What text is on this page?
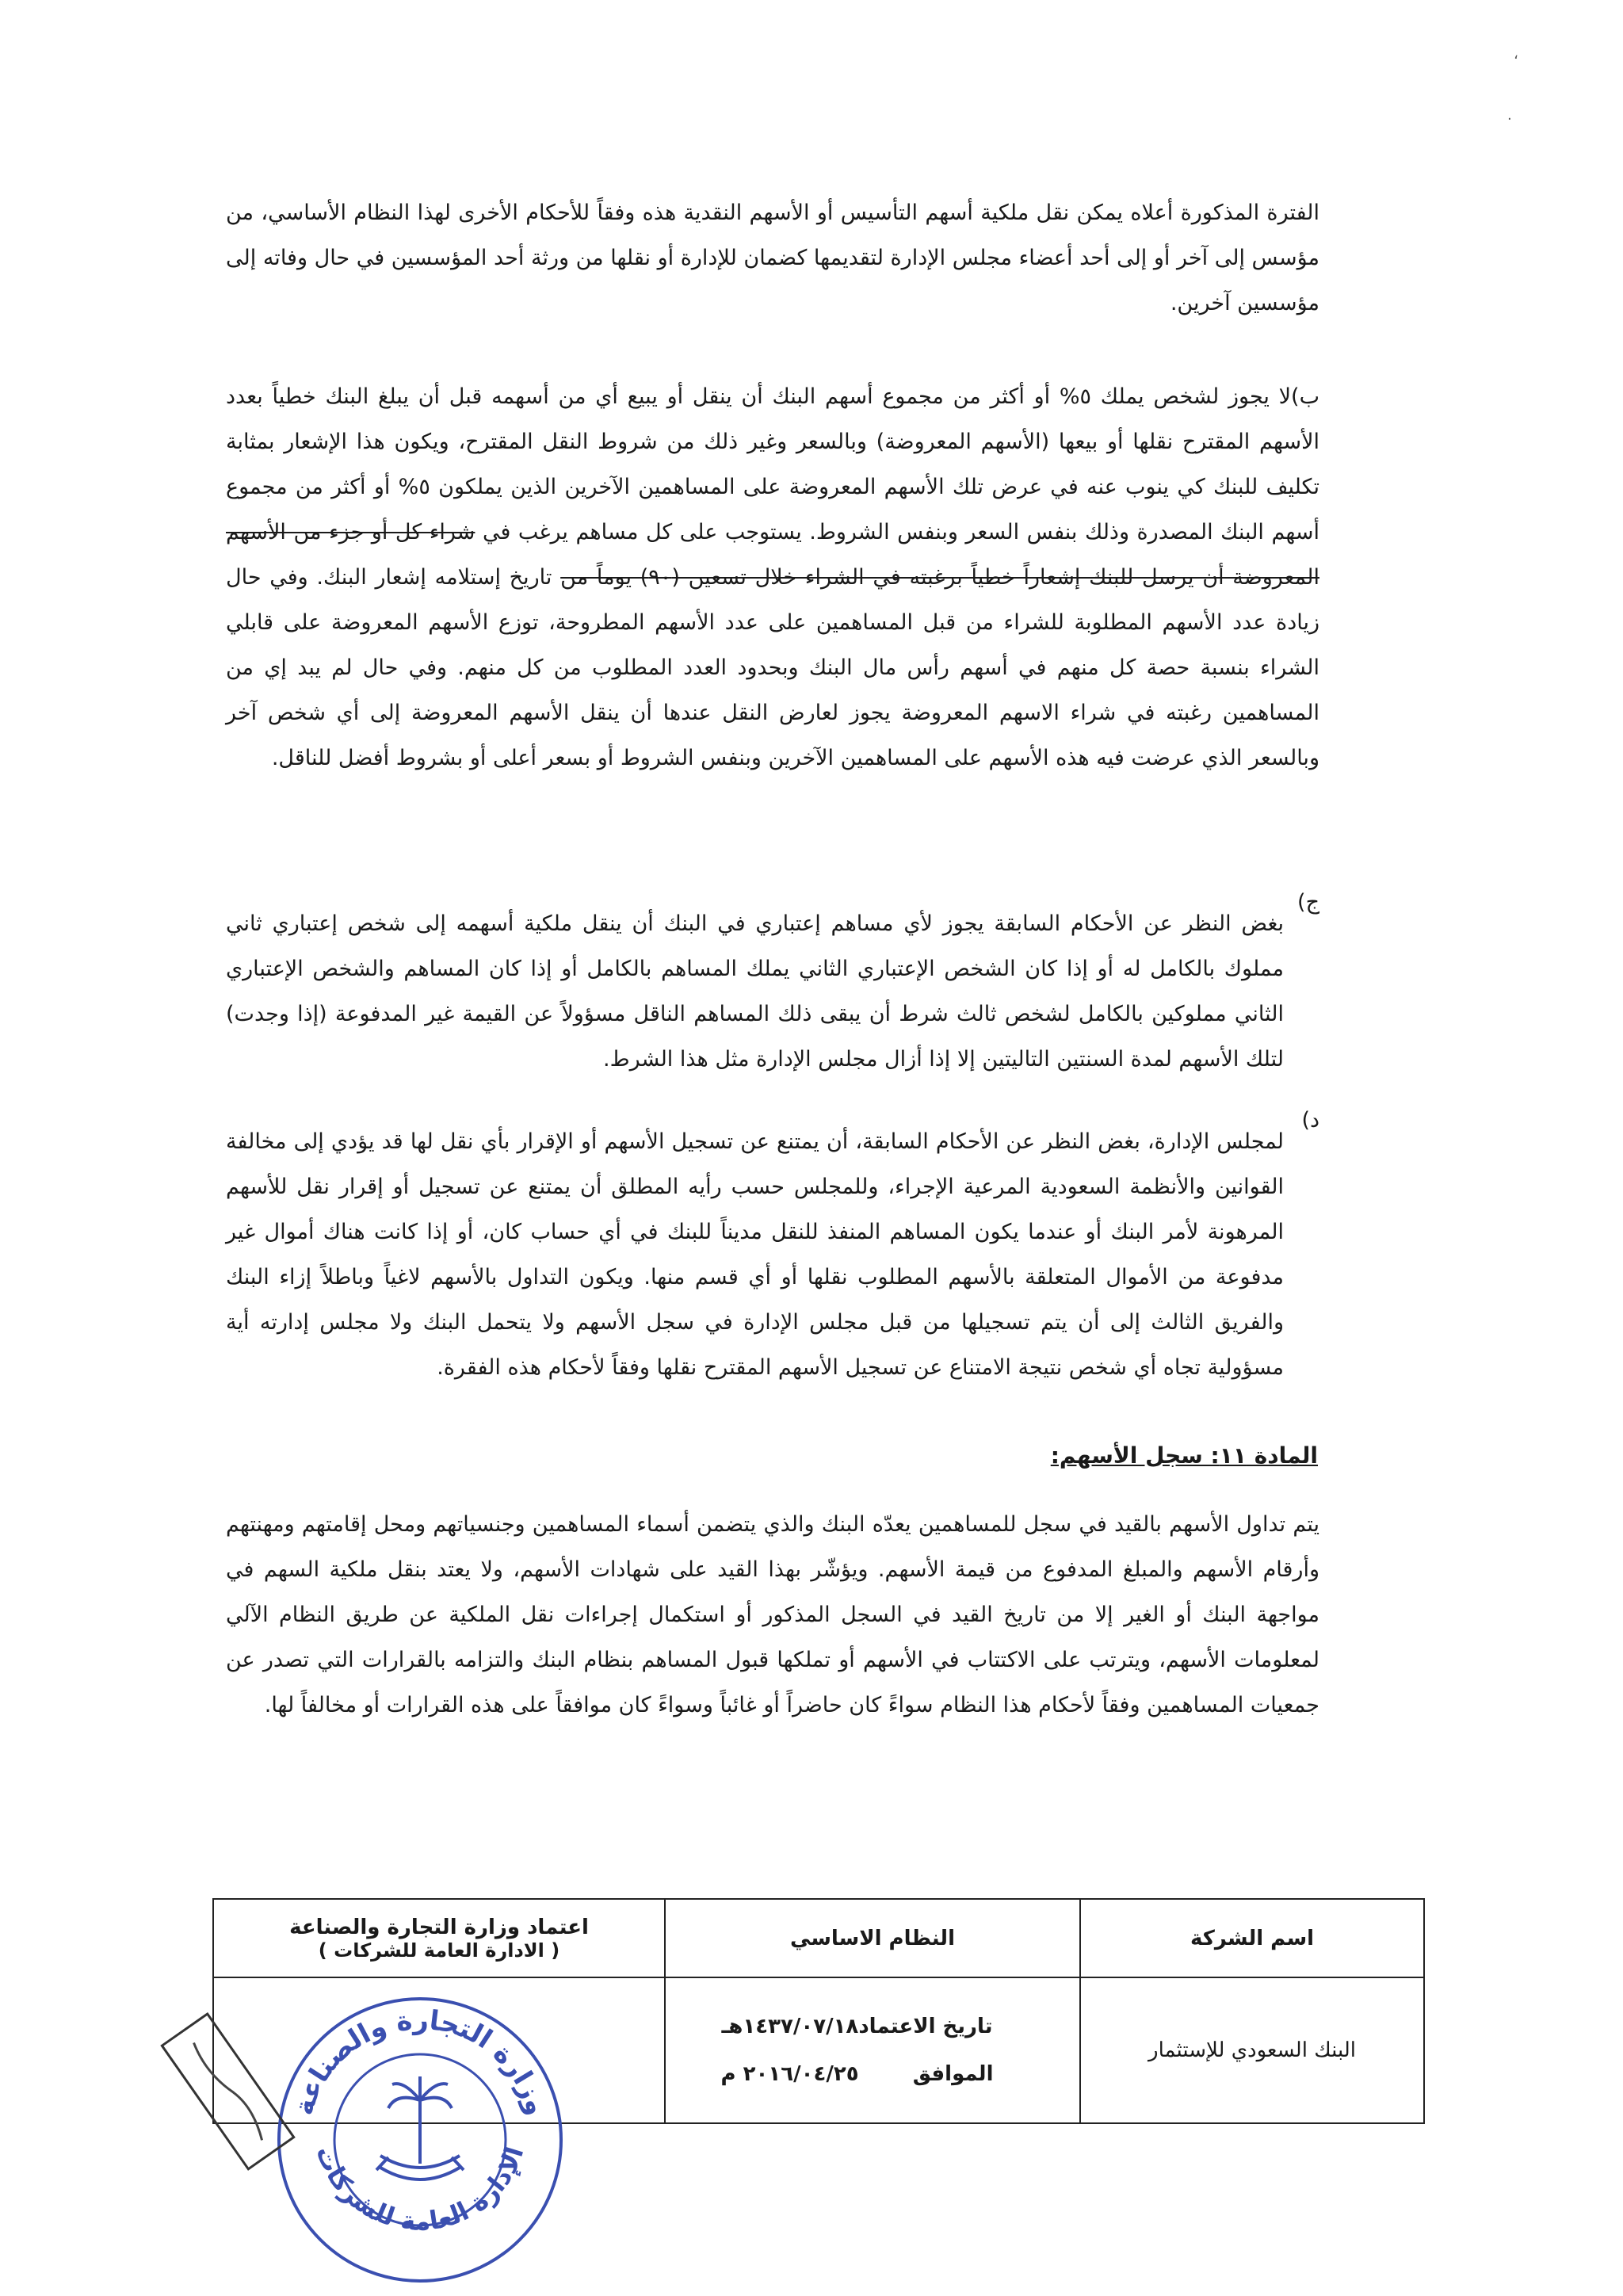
،
·

الفترة المذكورة أعلاه يمكن نقل ملكية أسهم التأسيس أو الأسهم النقدية هذه وفقاً للأحكام الأخرى لهذا النظام الأساسي، من مؤسس إلى آخر أو إلى أحد أعضاء مجلس الإدارة لتقديمها كضمان للإدارة أو نقلها من ورثة أحد المؤسسين في حال وفاته إلى مؤسسين آخرين.

ب)لا يجوز لشخص يملك ٥% أو أكثر من مجموع أسهم البنك أن ينقل أو يبيع أي من أسهمه قبل أن يبلغ البنك خطياً بعدد الأسهم المقترح نقلها أو بيعها (الأسهم المعروضة) وبالسعر وغير ذلك من شروط النقل المقترح، ويكون هذا الإشعار بمثابة تكليف للبنك كي ينوب عنه في عرض تلك الأسهم المعروضة على المساهمين الآخرين الذين يملكون ٥% أو أكثر من مجموع أسهم البنك المصدرة وذلك بنفس السعر وبنفس الشروط. يستوجب على كل مساهم يرغب في شراء كل أو جزء من الأسهم المعروضة أن يرسل للبنك إشعاراً خطياً برغبته في الشراء خلال تسعين (٩٠) يوماً من تاريخ إستلامه إشعار البنك. وفي حال زيادة عدد الأسهم المطلوبة للشراء من قبل المساهمين على عدد الأسهم المطروحة، توزع الأسهم المعروضة على قابلي الشراء بنسبة حصة كل منهم في أسهم رأس مال البنك وبحدود العدد المطلوب من كل منهم. وفي حال لم يبد إي من المساهمين رغبته في شراء الاسهم المعروضة يجوز لعارض النقل عندها أن ينقل الأسهم المعروضة إلى أي شخص آخر وبالسعر الذي عرضت فيه هذه الأسهم على المساهمين الآخرين وبنفس الشروط أو بسعر أعلى أو بشروط أفضل للناقل.

ج)

بغض النظر عن الأحكام السابقة يجوز لأي مساهم إعتباري في البنك أن ينقل ملكية أسهمه إلى شخص إعتباري ثاني مملوك بالكامل له أو إذا كان الشخص الإعتباري الثاني يملك المساهم بالكامل أو إذا كان المساهم والشخص الإعتباري الثاني مملوكين بالكامل لشخص ثالث شرط أن يبقى ذلك المساهم الناقل مسؤولاً عن القيمة غير المدفوعة (إذا وجدت) لتلك الأسهم لمدة السنتين التاليتين إلا إذا أزال مجلس الإدارة مثل هذا الشرط.

د)

لمجلس الإدارة، بغض النظر عن الأحكام السابقة، أن يمتنع عن تسجيل الأسهم أو الإقرار بأي نقل لها قد يؤدي إلى مخالفة القوانين والأنظمة السعودية المرعية الإجراء، وللمجلس حسب رأيه المطلق أن يمتنع عن تسجيل أو إقرار نقل للأسهم المرهونة لأمر البنك أو عندما يكون المساهم المنفذ للنقل مديناً للبنك في أي حساب كان، أو إذا كانت هناك أموال غير مدفوعة من الأموال المتعلقة بالأسهم المطلوب نقلها أو أي قسم منها. ويكون التداول بالأسهم لاغياً وباطلاً إزاء البنك والفريق الثالث إلى أن يتم تسجيلها من قبل مجلس الإدارة في سجل الأسهم ولا يتحمل البنك ولا مجلس إدارته أية مسؤولية تجاه أي شخص نتيجة الامتناع عن تسجيل الأسهم المقترح نقلها وفقاً لأحكام هذه الفقرة.

المادة ١١: سجل الأسهم:

يتم تداول الأسهم بالقيد في سجل للمساهمين يعدّه البنك والذي يتضمن أسماء المساهمين وجنسياتهم ومحل إقامتهم ومهنتهم وأرقام الأسهم والمبلغ المدفوع من قيمة الأسهم. ويؤشّر بهذا القيد على شهادات الأسهم، ولا يعتد بنقل ملكية السهم في مواجهة البنك أو الغير إلا من تاريخ القيد في السجل المذكور أو استكمال إجراءات نقل الملكية عن طريق النظام الآلي لمعلومات الأسهم، ويترتب على الاكتتاب في الأسهم أو تملكها قبول المساهم بنظام البنك والتزامه بالقرارات التي تصدر عن جمعيات المساهمين وفقاً لأحكام هذا النظام سواءً كان حاضراً أو غائباً وسواءً كان موافقاً على هذه القرارات أو مخالفاً لها.

اسم الشركة	النظام الاساسي	اعتماد وزارة التجارة والصناعة
( الادارة العامة للشركات )

البنك السعودي للإستثمار	تاريخ الاعتماد١٤٣٧/٠٧/١٨هـ
الموافق  ٢٠١٦/٠٤/٢٥ م	

وزارة التجارة والصناعة
الإدارة العامة للشركات
